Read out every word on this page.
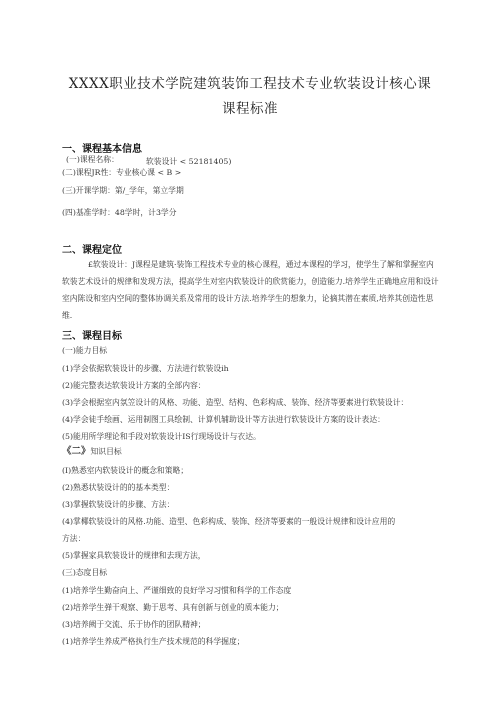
XXXX职业技术学院建筑装饰工程技术专业软装设计核心课
课程标准
一、课程基本信息
(一)课程名称：	软装设计 < 52181405)
(二)课程JR性：专业核心课 < B >
(三)开课学期：第/_学年，第立学期
(四)基准学时：48学时，计3学分
二、课程定位
£软装设计：J课程是建筑·装饰工程技术专业的核心课程，通过本课程的学习，使学生了解和掌握室内软装艺术设计的规律和发现方法，提高学生对室内软装设计的欣赏能力，创造能力.培养学生正确地应用和设计室内陈设和室内空间的整体协调关系及常用的设计方法.培养学生的想象力，论摘其潜在素质,培养其创造性思维.
三、课程目标
(一)能力目标
(1)学会依据软装设计的步骤、方法进行软装设ih
(2)能完整表达软装设计方案的全部内容：
(3)学会根据室内氛笠设计的风格、功能、造型、结构、色彩构成、装饰、经济等要素进行软装设计：
(4)学会徒手绘画、运用制图工具绘制、计算机辅助设计等方法进行软装设计方案的设计表达：
(5)能用所学理论和手段对软装设计IS行现场设计与衣达。
《二》知识目标
(I)熟悉室内软装设计的概念和策略；
(2)熟悉状装设计的的基本类型：
(3)掌握软装设计的步骤、方法：
(4)掌椰软装设计的风格.功能、造型、色彩构成、装饰、经济等要素的一般设计规律和设计应用的
方法：
(5)掌握家具软装设计的规律和去现方法，
(三)态度目标
(1)培养学生勤奋向上、严谨细致的良好学习习惯和科学的工作态度
(2)培养学生弹干观察、勤于思考、具有创新与创业的质本能力；
(3)培养阙于交流、乐于协作的团队精神；
(1)培养学生养成严格执行生产技术规范的科学掘度；
